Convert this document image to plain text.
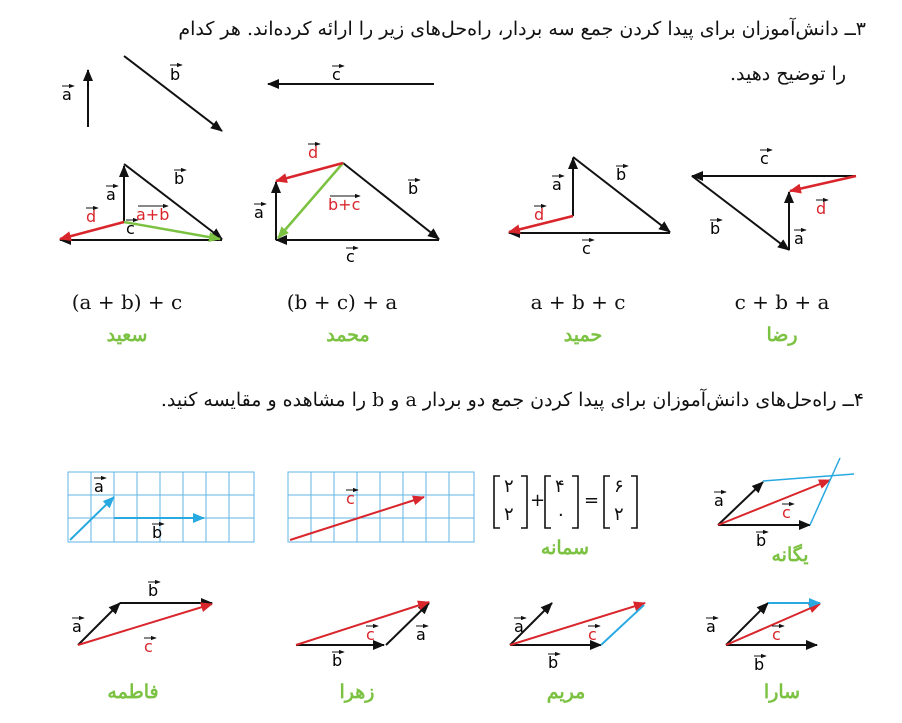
۳ــ دانش‌آموزان برای پیدا کردن جمع سه بردار، راه‌حل‌های زیر را ارائه کرده‌اند. هر کدام
را توضیح دهید.
۴ــ راه‌حل‌های دانش‌آموزان برای پیدا کردن جمع دو بردار a و b را مشاهده و مقایسه کنید.
a
b	c
a
b
c
d a+b	a
b
c
d
b+c
a
b
c
d
c
b
a
d
a
b
c	a
c
b
b
a
c
c	a
b
a	c
b
a	c
b
(a + b) + c	(b + c) + a	a + b + c	c + b + a
سعید	محمد	حمید	رضا
۲
۲
+
۴
۰
=
۶
۲
سمانه	یگانه
فاطمه	زهرا	مریم	سارا
